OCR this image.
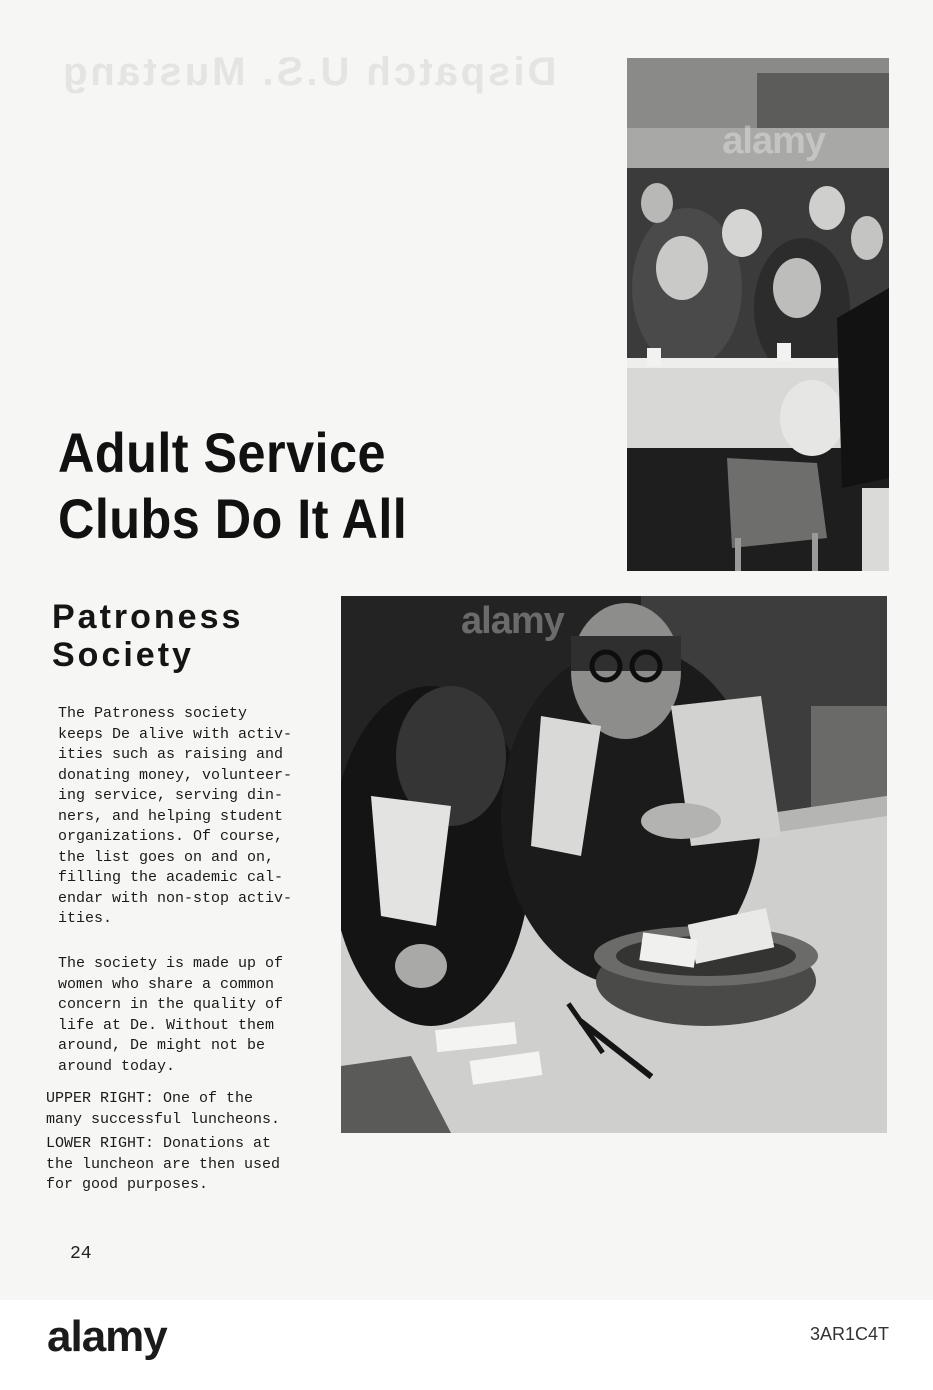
Dispatch U.S. Mustang
alamy
Adult Service
Clubs Do It All
Patroness
Society
alamy

The Patroness society
keeps De alive with activ-
ities such as raising and
donating money, volunteer-
ing service, serving din-
ners, and helping student
organizations. Of course,
the list goes on and on,
filling the academic cal-
endar with non-stop activ-
ities.

The society is made up of
women who share a common
concern in the quality of
life at De. Without them
around, De might not be
around today.

UPPER RIGHT: One of the
many successful luncheons.

LOWER RIGHT: Donations at
the luncheon are then used
for good purposes.

24

alamy	3AR1C4T
